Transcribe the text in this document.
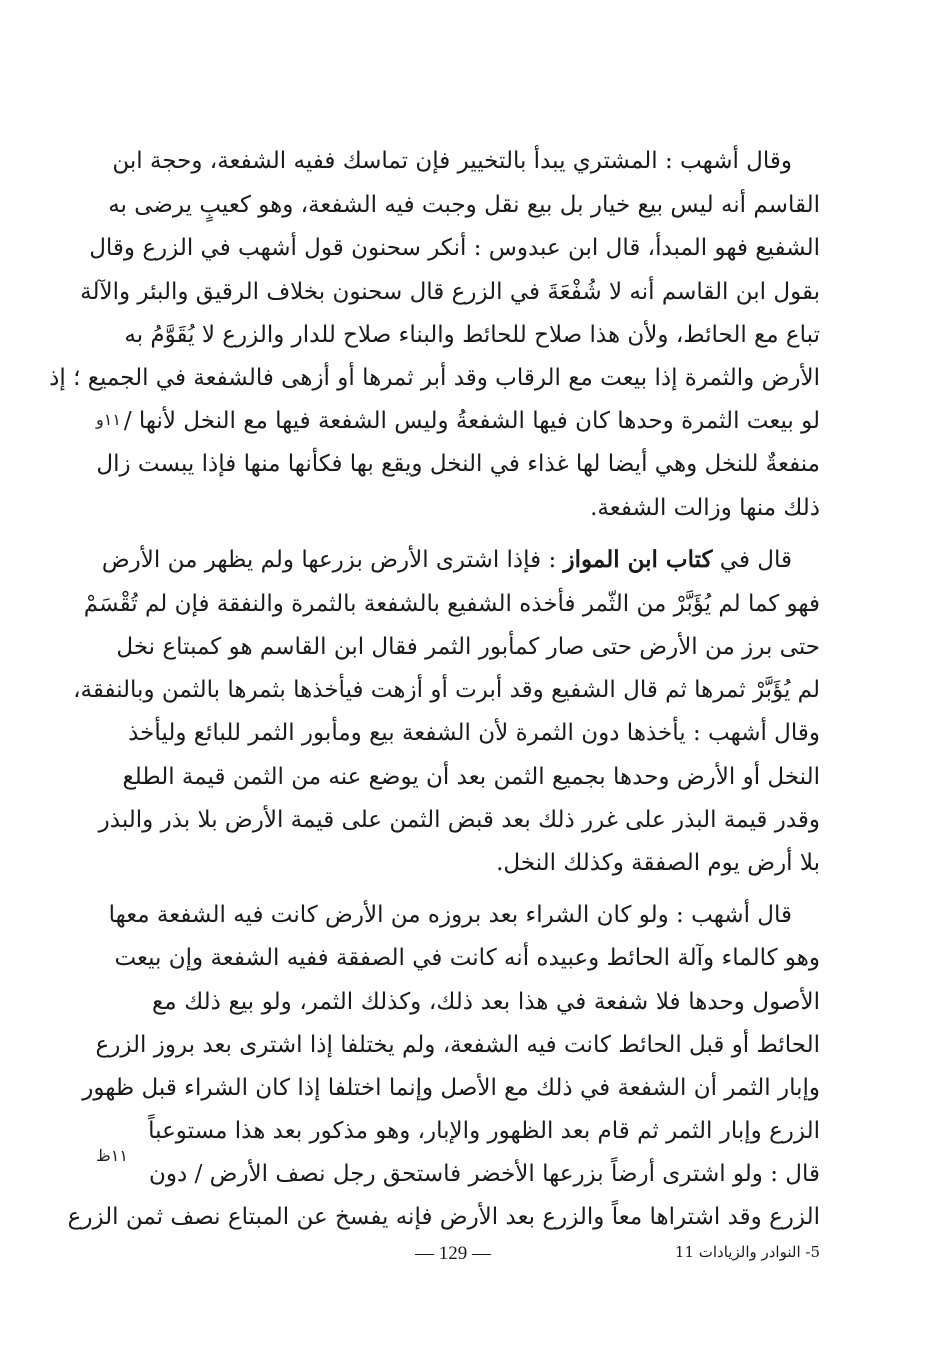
وقال أشهب : المشتري يبدأ بالتخيير فإن تماسك ففيه الشفعة، وحجة ابن
القاسم أنه ليس بيع خيار بل بيع نقل وجبت فيه الشفعة، وهو كعيبٍ يرضى به
الشفيع فهو المبدأ، قال ابن عبدوس : أنكر سحنون قول أشهب في الزرع وقال
بقول ابن القاسم أنه لا شُفْعَةَ في الزرع قال سحنون بخلاف الرقيق والبئر والآلة
تباع مع الحائط، ولأن هذا صلاح للحائط والبناء صلاح للدار والزرع لا يُقَوَّمُ به
الأرض والثمرة إذا بيعت مع الرقاب وقد أبر ثمرها أو أزهى فالشفعة في الجميع ؛ إذ
لو بيعت الثمرة وحدها كان فيها الشفعةُ وليس الشفعة فيها مع النخل لأنها /
منفعةٌ للنخل وهي أيضا لها غذاء في النخل ويقع بها فكأنها منها فإذا يبست زال
ذلك منها وزالت الشفعة.
١١و
قال في كتاب ابن المواز : فإذا اشترى الأرض بزرعها ولم يظهر من الأرض
فهو كما لم يُؤَبَّرْ من الثّمر فأخذه الشفيع بالشفعة بالثمرة والنفقة فإن لم تُقْسَمْ
حتى برز من الأرض حتى صار كمأبور الثمر فقال ابن القاسم هو كمبتاع نخل
لم يُؤَبَّرْ ثمرها ثم قال الشفيع وقد أبرت أو أزهت فيأخذها بثمرها بالثمن وبالنفقة،
وقال أشهب : يأخذها دون الثمرة لأن الشفعة بيع ومأبور الثمر للبائع وليأخذ
النخل أو الأرض وحدها بجميع الثمن بعد أن يوضع عنه من الثمن قيمة الطلع
وقدر قيمة البذر على غرر ذلك بعد قبض الثمن على قيمة الأرض بلا بذر والبذر
بلا أرض يوم الصفقة وكذلك النخل.
قال أشهب : ولو كان الشراء بعد بروزه من الأرض كانت فيه الشفعة معها
وهو كالماء وآلة الحائط وعبيده أنه كانت في الصفقة ففيه الشفعة وإن بيعت
الأصول وحدها فلا شفعة في هذا بعد ذلك، وكذلك الثمر، ولو بيع ذلك مع
الحائط أو قبل الحائط كانت فيه الشفعة، ولم يختلفا إذا اشترى بعد بروز الزرع
وإبار الثمر أن الشفعة في ذلك مع الأصل وإنما اختلفا إذا كان الشراء قبل ظهور
الزرع وإبار الثمر ثم قام بعد الظهور والإبار، وهو مذكور بعد هذا مستوعباً
قال : ولو اشترى أرضاً بزرعها الأخضر فاستحق رجل نصف الأرض / دون
الزرع وقد اشتراها معاً والزرع بعد الأرض فإنه يفسخ عن المبتاع نصف ثمن الزرع
١١ظ
— 129 —	5- النوادر والزيادات 11
